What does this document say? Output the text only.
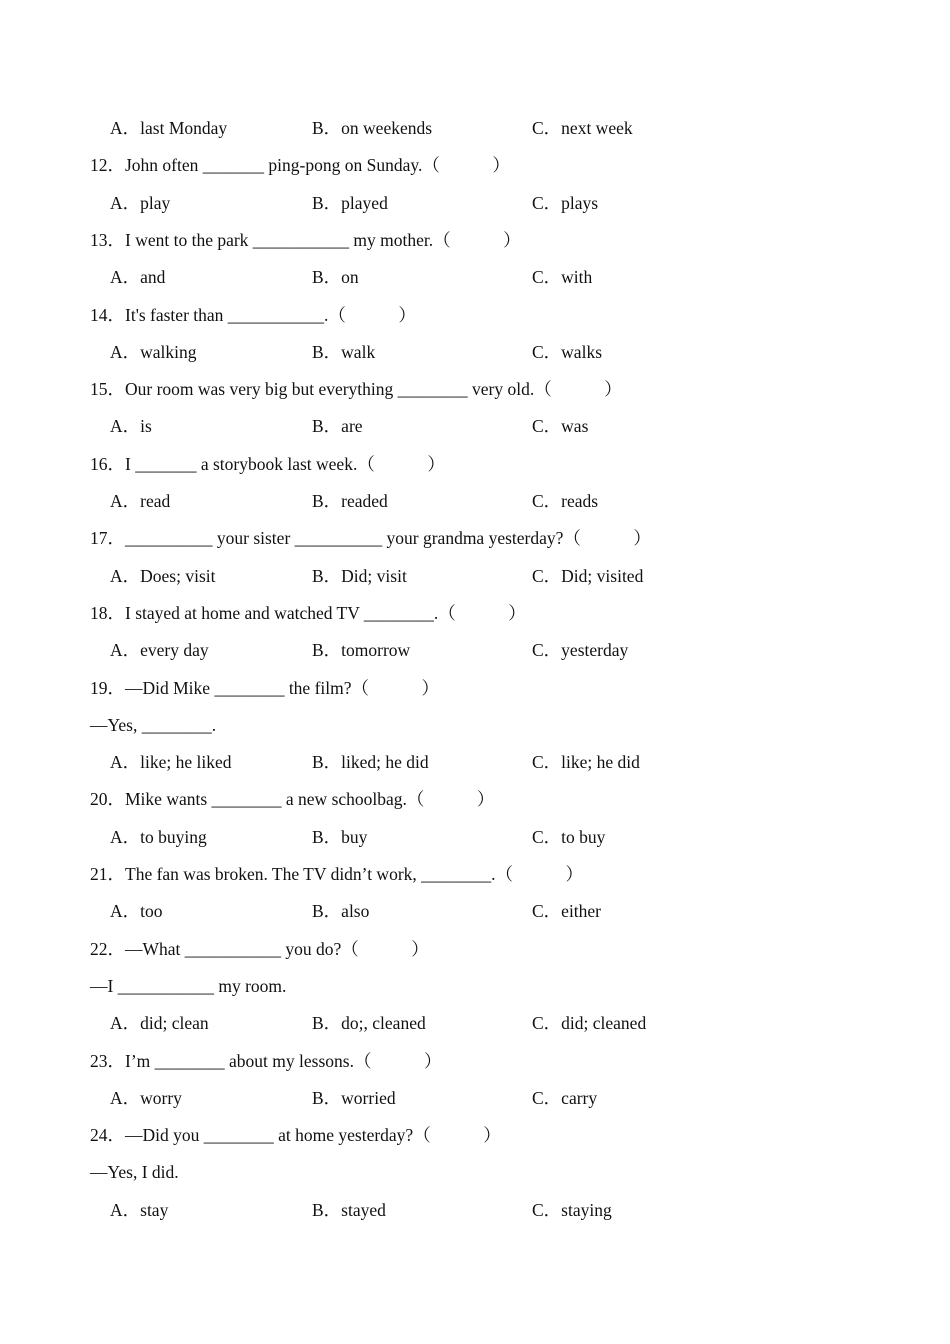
A．last Monday	B．on weekends	C．next week
12．John often _______ ping-pong on Sunday.（　　　）
A．play	B．played	C．plays
13．I went to the park ___________ my mother.（　　　）
A．and	B．on	C．with
14．It's faster than ___________.（　　　）
A．walking	B．walk	C．walks
15．Our room was very big but everything ________ very old.（　　　）
A．is	B．are	C．was
16．I _______ a storybook last week.（　　　）
A．read	B．readed	C．reads
17．__________ your sister __________ your grandma yesterday?（　　　）
A．Does; visit	B．Did; visit	C．Did; visited
18．I stayed at home and watched TV ________.（　　　）
A．every day	B．tomorrow	C．yesterday
19．—Did Mike ________ the film?（　　　）
—Yes, ________.
A．like; he liked	B．liked; he did	C．like; he did
20．Mike wants ________ a new schoolbag.（　　　）
A．to buying	B．buy	C．to buy
21．The fan was broken. The TV didn’t work, ________.（　　　）
A．too	B．also	C．either
22．—What ___________ you do?（　　　）
—I ___________ my room.
A．did; clean	B．do;, cleaned	C．did; cleaned
23．I’m ________ about my lessons.（　　　）
A．worry	B．worried	C．carry
24．—Did you ________ at home yesterday?（　　　）
—Yes, I did.
A．stay	B．stayed	C．staying
